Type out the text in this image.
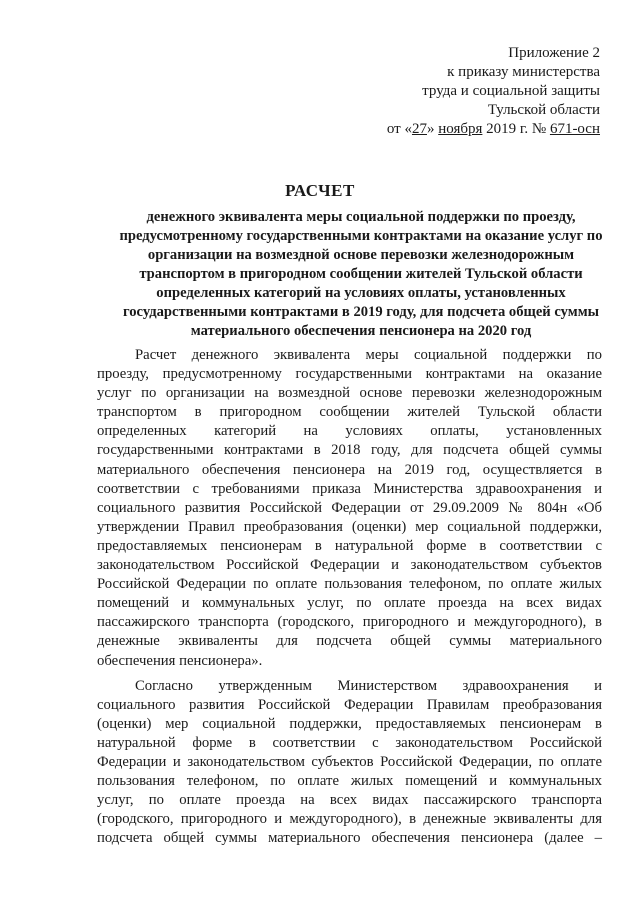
Приложение 2
к приказу министерства
труда и социальной защиты
Тульской области
от «27» ноября 2019 г. № 671-осн
РАСЧЕТ
денежного эквивалента меры социальной поддержки по проезду,
предусмотренному государственными контрактами на оказание услуг по
организации на возмездной основе перевозки железнодорожным
транспортом в пригородном сообщении жителей Тульской области
определенных категорий на условиях оплаты, установленных
государственными контрактами в 2019 году, для подсчета общей суммы
материального обеспечения пенсионера на 2020 год
Расчет денежного эквивалента меры социальной поддержки по
проезду, предусмотренному государственными контрактами на оказание
услуг по организации на возмездной основе перевозки железнодорожным
транспортом в пригородном сообщении жителей Тульской области
определенных категорий на условиях оплаты, установленных
государственными контрактами в 2018 году, для подсчета общей суммы
материального обеспечения пенсионера на 2019 год, осуществляется в
соответствии с требованиями приказа Министерства здравоохранения и
социального развития Российской Федерации от 29.09.2009 № 804н «Об
утверждении Правил преобразования (оценки) мер социальной поддержки,
предоставляемых пенсионерам в натуральной форме в соответствии с
законодательством Российской Федерации и законодательством субъектов
Российской Федерации по оплате пользования телефоном, по оплате жилых
помещений и коммунальных услуг, по оплате проезда на всех видах
пассажирского транспорта (городского, пригородного и междугородного), в
денежные эквиваленты для подсчета общей суммы материального
обеспечения пенсионера».
Согласно утвержденным Министерством здравоохранения и
социального развития Российской Федерации Правилам преобразования
(оценки) мер социальной поддержки, предоставляемых пенсионерам в
натуральной форме в соответствии с законодательством Российской
Федерации и законодательством субъектов Российской Федерации, по оплате
пользования телефоном, по оплате жилых помещений и коммунальных
услуг, по оплате проезда на всех видах пассажирского транспорта
(городского, пригородного и междугородного), в денежные эквиваленты для
подсчета общей суммы материального обеспечения пенсионера (далее –
